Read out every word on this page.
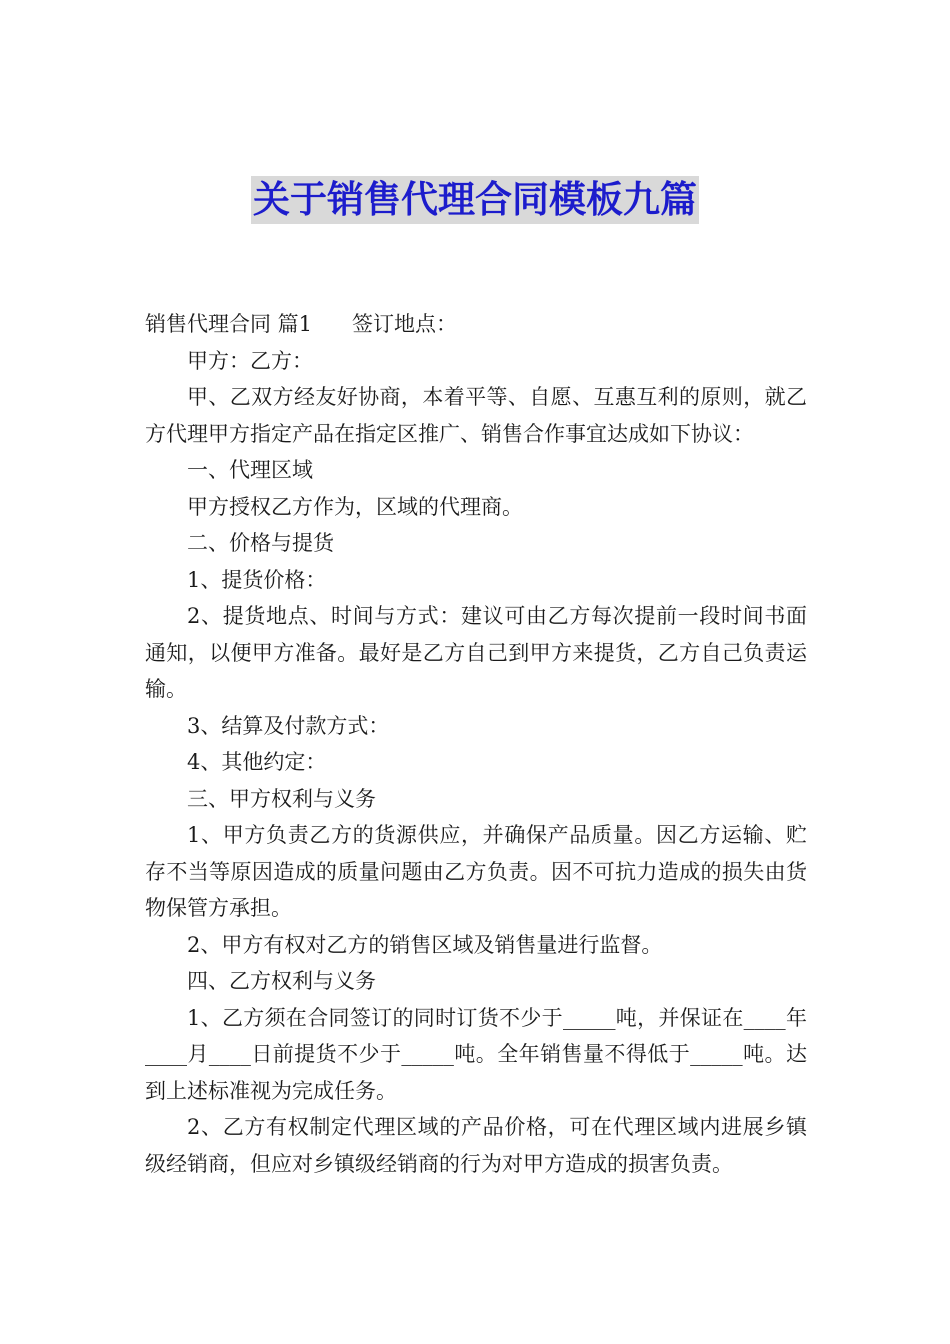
关于销售代理合同模板九篇

销售代理合同 篇1 签订地点：

甲方：乙方：

甲、乙双方经友好协商，本着平等、自愿、互惠互利的原则，就乙方代理甲方指定产品在指定区推广、销售合作事宜达成如下协议：

一、代理区域

甲方授权乙方作为，区域的代理商。

二、价格与提货

1、提货价格：

2、提货地点、时间与方式：建议可由乙方每次提前一段时间书面通知，以便甲方准备。最好是乙方自己到甲方来提货，乙方自己负责运输。

3、结算及付款方式：

4、其他约定：

三、甲方权利与义务

1、甲方负责乙方的货源供应，并确保产品质量。因乙方运输、贮存不当等原因造成的质量问题由乙方负责。因不可抗力造成的损失由货物保管方承担。

2、甲方有权对乙方的销售区域及销售量进行监督。

四、乙方权利与义务

1、乙方须在合同签订的同时订货不少于_____吨，并保证在____年____月____日前提货不少于_____吨。全年销售量不得低于_____吨。达到上述标准视为完成任务。

2、乙方有权制定代理区域的产品价格，可在代理区域内进展乡镇级经销商，但应对乡镇级经销商的行为对甲方造成的损害负责。
